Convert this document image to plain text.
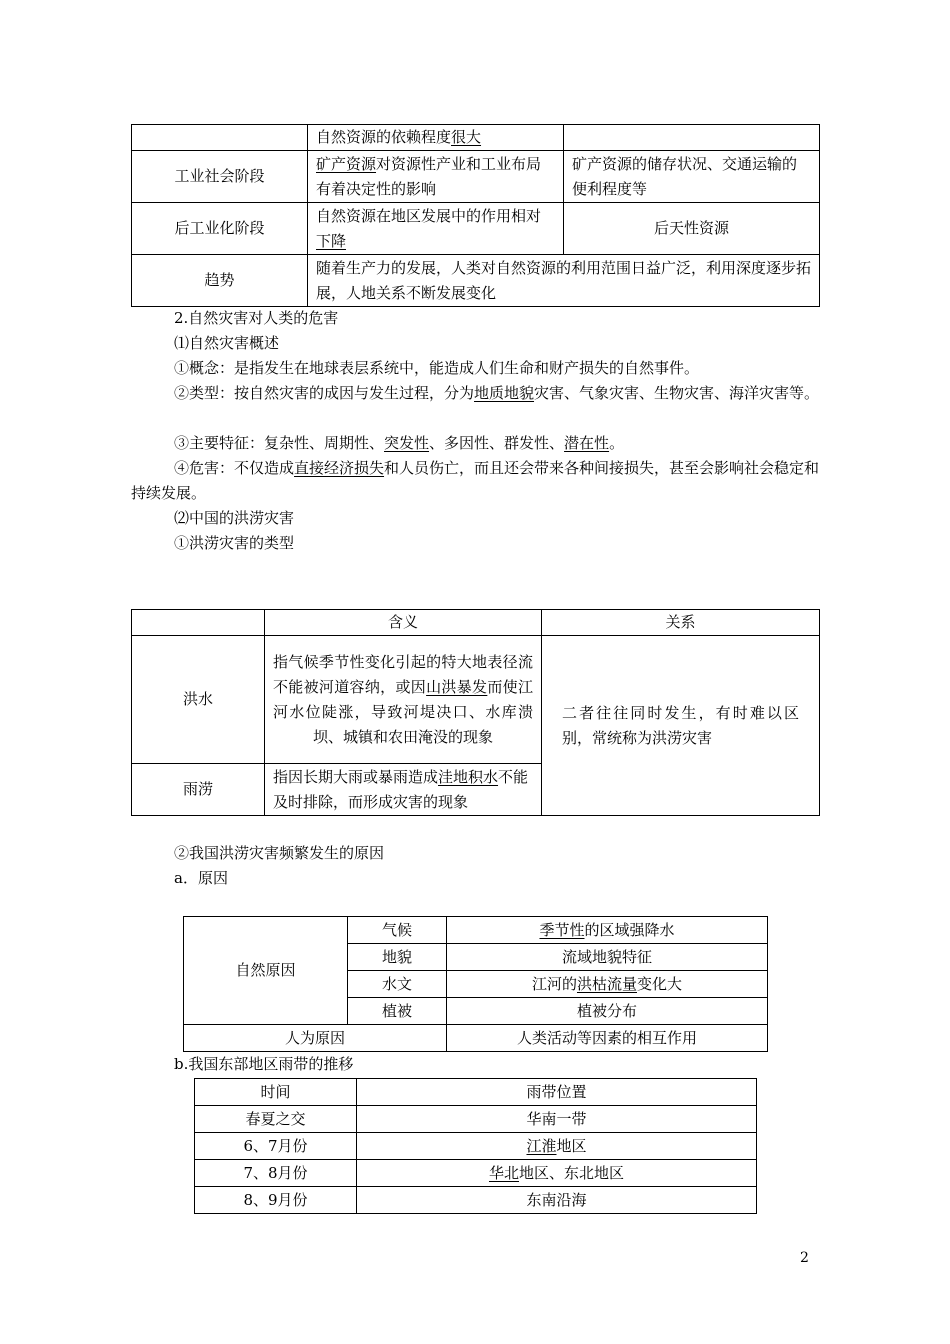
	自然资源的依赖程度很大	
工业社会阶段	矿产资源对资源性产业和工业布局有着决定性的影响	矿产资源的储存状况、交通运输的便利程度等
后工业化阶段	自然资源在地区发展中的作用相对下降	后天性资源
趋势	随着生产力的发展，人类对自然资源的利用范围日益广泛，利用深度逐步拓展，人地关系不断发展变化	
2.自然灾害对人类的危害
⑴自然灾害概述
①概念：是指发生在地球表层系统中，能造成人们生命和财产损失的自然事件。
②类型：按自然灾害的成因与发生过程，分为地质地貌灾害、气象灾害、生物灾害、海洋灾害等。
③主要特征：复杂性、周期性、突发性、多因性、群发性、潜在性。
④危害：不仅造成直接经济损失和人员伤亡，而且还会带来各种间接损失，甚至会影响社会稳定和持续发展。
⑵中国的洪涝灾害
①洪涝灾害的类型
	含义	关系
洪水	指气候季节性变化引起的特大地表径流不能被河道容纳，或因山洪暴发而使江河水位陡涨，导致河堤决口、水库溃坝、城镇和农田淹没的现象	二者往往同时发生，有时难以区别，常统称为洪涝灾害
雨涝	指因长期大雨或暴雨造成洼地积水不能及时排除，而形成灾害的现象	
②我国洪涝灾害频繁发生的原因
a．原因
自然原因	气候	季节性的区域强降水
	地貌	流域地貌特征
	水文	江河的洪枯流量变化大
	植被	植被分布
人为原因		人类活动等因素的相互作用
b.我国东部地区雨带的推移
时间	雨带位置
春夏之交	华南一带
6、7月份	江淮地区
7、8月份	华北地区、东北地区
8、9月份	东南沿海
2
